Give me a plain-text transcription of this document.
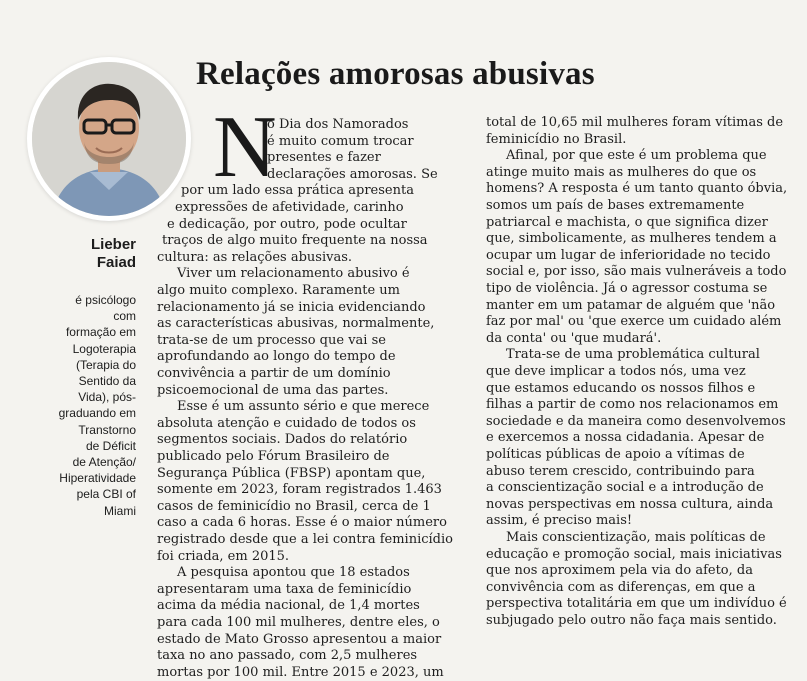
Relações amorosas abusivas
Lieber
Faiad
é psicólogo
com
formação em
Logoterapia
(Terapia do
Sentido da
Vida), pós-
graduando em
Transtorno
de Déficit
de Atenção/
Hiperatividade
pela CBI of
Miami
N
o Dia dos Namorados
é muito comum trocar
presentes e fazer
declarações amorosas. Se
por um lado essa prática apresenta
expressões de afetividade, carinho
e dedicação, por outro, pode ocultar
traços de algo muito frequente na nossa
cultura: as relações abusivas.
Viver um relacionamento abusivo é
algo muito complexo. Raramente um
relacionamento já se inicia evidenciando
as características abusivas, normalmente,
trata-se de um processo que vai se
aprofundando ao longo do tempo de
convivência a partir de um domínio
psicoemocional de uma das partes.
Esse é um assunto sério e que merece
absoluta atenção e cuidado de todos os
segmentos sociais. Dados do relatório
publicado pelo Fórum Brasileiro de
Segurança Pública (FBSP) apontam que,
somente em 2023, foram registrados 1.463
casos de feminicídio no Brasil, cerca de 1
caso a cada 6 horas. Esse é o maior número
registrado desde que a lei contra feminicídio
foi criada, em 2015.
A pesquisa apontou que 18 estados
apresentaram uma taxa de feminicídio
acima da média nacional, de 1,4 mortes
para cada 100 mil mulheres, dentre eles, o
estado de Mato Grosso apresentou a maior
taxa no ano passado, com 2,5 mulheres
mortas por 100 mil. Entre 2015 e 2023, um
total de 10,65 mil mulheres foram vítimas de
feminicídio no Brasil.
Afinal, por que este é um problema que
atinge muito mais as mulheres do que os
homens? A resposta é um tanto quanto óbvia,
somos um país de bases extremamente
patriarcal e machista, o que significa dizer
que, simbolicamente, as mulheres tendem a
ocupar um lugar de inferioridade no tecido
social e, por isso, são mais vulneráveis a todo
tipo de violência. Já o agressor costuma se
manter em um patamar de alguém que 'não
faz por mal' ou 'que exerce um cuidado além
da conta' ou 'que mudará'.
Trata-se de uma problemática cultural
que deve implicar a todos nós, uma vez
que estamos educando os nossos filhos e
filhas a partir de como nos relacionamos em
sociedade e da maneira como desenvolvemos
e exercemos a nossa cidadania. Apesar de
políticas públicas de apoio a vítimas de
abuso terem crescido, contribuindo para
a conscientização social e a introdução de
novas perspectivas em nossa cultura, ainda
assim, é preciso mais!
Mais conscientização, mais políticas de
educação e promoção social, mais iniciativas
que nos aproximem pela via do afeto, da
convivência com as diferenças, em que a
perspectiva totalitária em que um indivíduo é
subjugado pelo outro não faça mais sentido.
